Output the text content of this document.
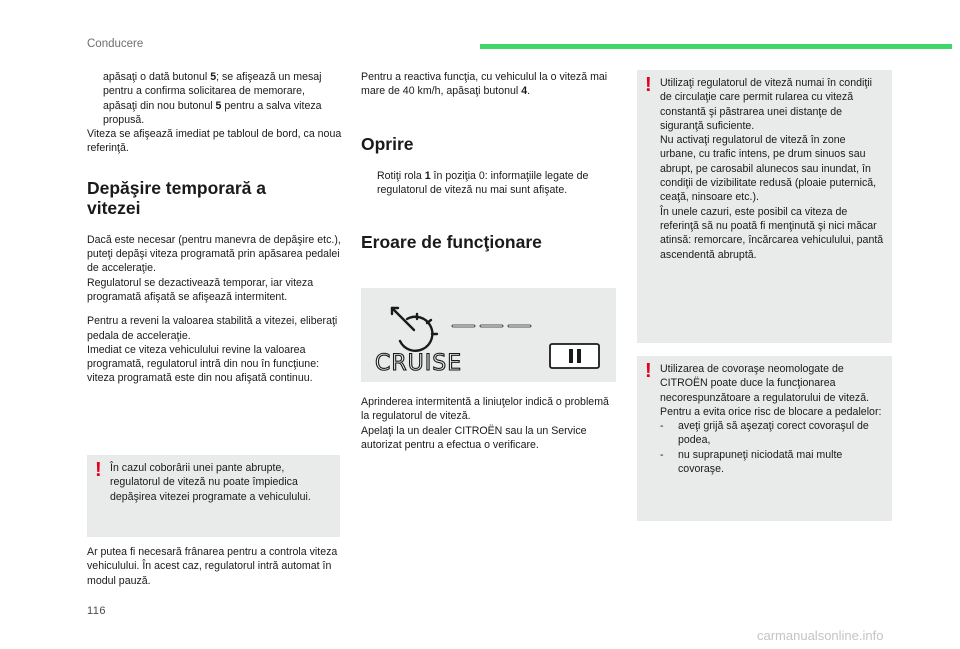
Conducere
apăsaţi o dată butonul 5; se afişează un mesaj pentru a confirma solicitarea de memorare,
apăsaţi din nou butonul 5 pentru a salva viteza propusă.

Viteza se afişează imediat pe tabloul de bord, ca noua referinţă.

Depăşire temporară a vitezei

Dacă este necesar (pentru manevra de depăşire etc.), puteţi depăşi viteza programată prin apăsarea pedalei de acceleraţie.

Regulatorul se dezactivează temporar, iar viteza programată afişată se afişează intermitent.

Pentru a reveni la valoarea stabilită a vitezei, eliberaţi pedala de acceleraţie.

Imediat ce viteza vehiculului revine la valoarea programată, regulatorul intră din nou în funcţiune: viteza programată este din nou afişată continuu.

! În cazul coborârii unei pante abrupte, regulatorul de viteză nu poate împiedica depăşirea vitezei programate a vehiculului.

Ar putea fi necesară frânarea pentru a controla viteza vehiculului. În acest caz, regulatorul intră automat în modul pauză.

Pentru a reactiva funcţia, cu vehiculul la o viteză mai mare de 40 km/h, apăsaţi butonul 4.

Oprire
Rotiţi rola 1 în poziţia 0: informaţiile legate de regulatorul de viteză nu mai sunt afişate.
Eroare de funcţionare
CRUISE

Aprinderea intermitentă a liniuţelor indică o problemă la regulatorul de viteză.

Apelaţi la un dealer CITROËN sau la un Service autorizat pentru a efectua o verificare.

! Utilizaţi regulatorul de viteză numai în condiţii de circulaţie care permit rularea cu viteză constantă şi păstrarea unei distanţe de siguranţă suficiente.

Nu activaţi regulatorul de viteză în zone urbane, cu trafic intens, pe drum sinuos sau abrupt, pe carosabil alunecos sau inundat, în condiţii de vizibilitate redusă (ploaie puternică, ceaţă, ninsoare etc.).

În unele cazuri, este posibil ca viteza de referinţă să nu poată fi menţinută şi nici măcar atinsă: remorcare, încărcarea vehiculului, pantă ascendentă abruptă.

! Utilizarea de covoraşe neomologate de CITROËN poate duce la funcţionarea necorespunzătoare a regulatorului de viteză.

Pentru a evita orice risc de blocare a pedalelor:

- aveţi grijă să aşezaţi corect covoraşul de podea,
- nu suprapuneţi niciodată mai multe covoraşe.
116
carmanualsonline.info
